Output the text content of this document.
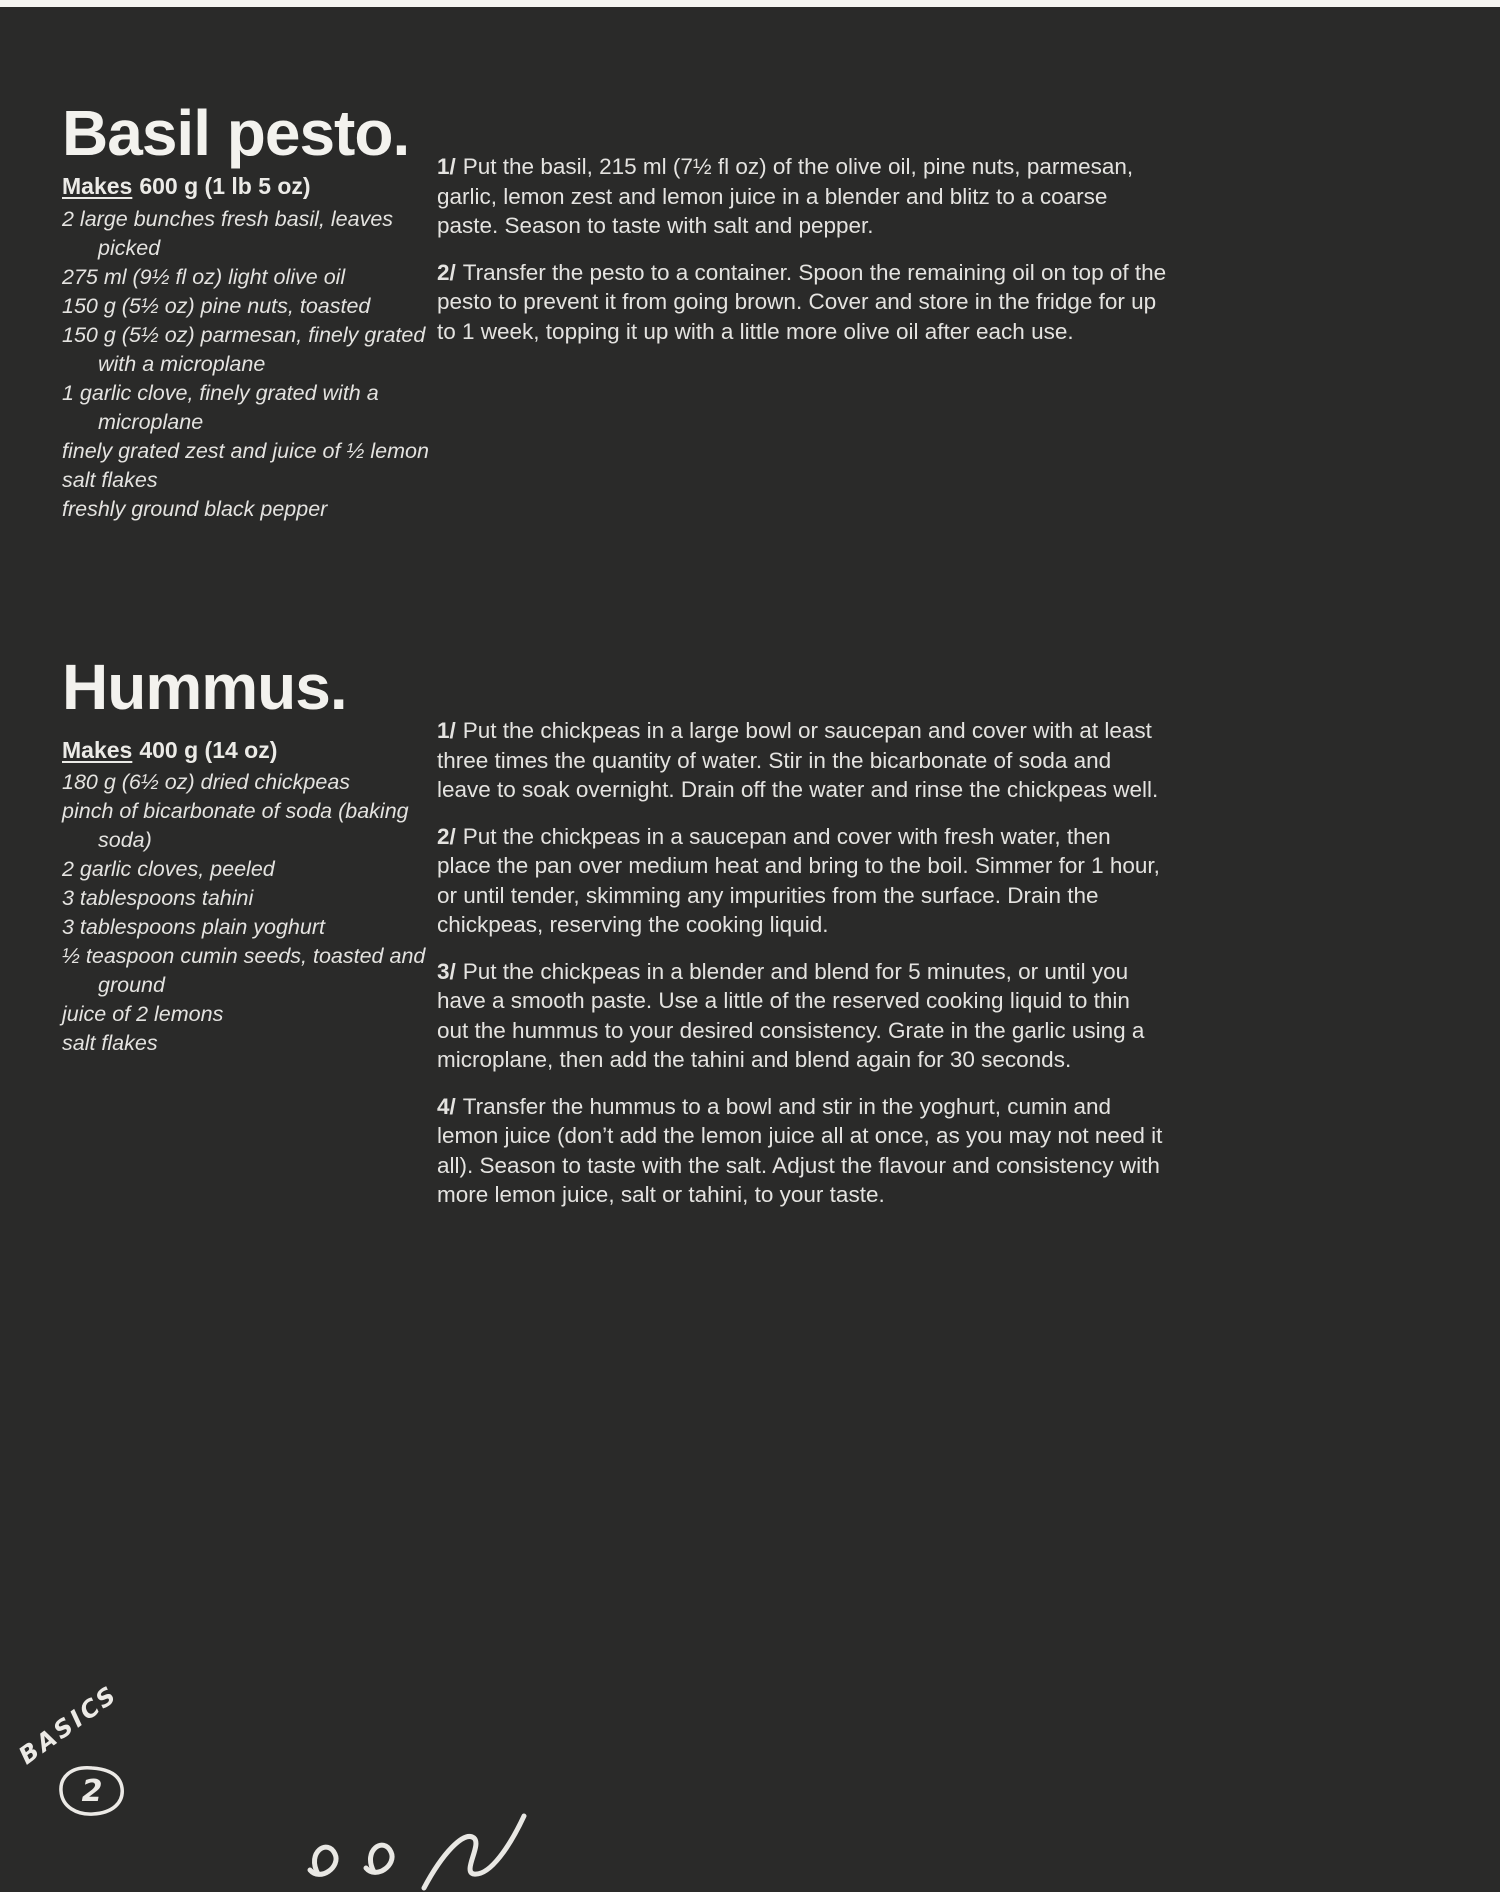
Basil pesto.

Makes 600 g (1 lb 5 oz)

2 large bunches fresh basil, leaves picked

275 ml (9½ fl oz) light olive oil

150 g (5½ oz) pine nuts, toasted

150 g (5½ oz) parmesan, finely grated with a microplane

1 garlic clove, finely grated with a microplane

finely grated zest and juice of ½ lemon

salt flakes

freshly ground black pepper

1/ Put the basil, 215 ml (7½ fl oz) of the olive oil, pine nuts, parmesan, garlic, lemon zest and lemon juice in a blender and blitz to a coarse paste. Season to taste with salt and pepper.

2/ Transfer the pesto to a container. Spoon the remaining oil on top of the pesto to prevent it from going brown. Cover and store in the fridge for up to 1 week, topping it up with a little more olive oil after each use.

Hummus.

Makes 400 g (14 oz)

180 g (6½ oz) dried chickpeas

pinch of bicarbonate of soda (baking soda)

2 garlic cloves, peeled

3 tablespoons tahini

3 tablespoons plain yoghurt

½ teaspoon cumin seeds, toasted and ground

juice of 2 lemons

salt flakes

1/ Put the chickpeas in a large bowl or saucepan and cover with at least three times the quantity of water. Stir in the bicarbonate of soda and leave to soak overnight. Drain off the water and rinse the chickpeas well.

2/ Put the chickpeas in a saucepan and cover with fresh water, then place the pan over medium heat and bring to the boil. Simmer for 1 hour, or until tender, skimming any impurities from the surface. Drain the chickpeas, reserving the cooking liquid.

3/ Put the chickpeas in a blender and blend for 5 minutes, or until you have a smooth paste. Use a little of the reserved cooking liquid to thin out the hummus to your desired consistency. Grate in the garlic using a microplane, then add the tahini and blend again for 30 seconds.

4/ Transfer the hummus to a bowl and stir in the yoghurt, cumin and lemon juice (don’t add the lemon juice all at once, as you may not need it all). Season to taste with the salt. Adjust the flavour and consistency with more lemon juice, salt or tahini, to your taste.

BASICS
2
